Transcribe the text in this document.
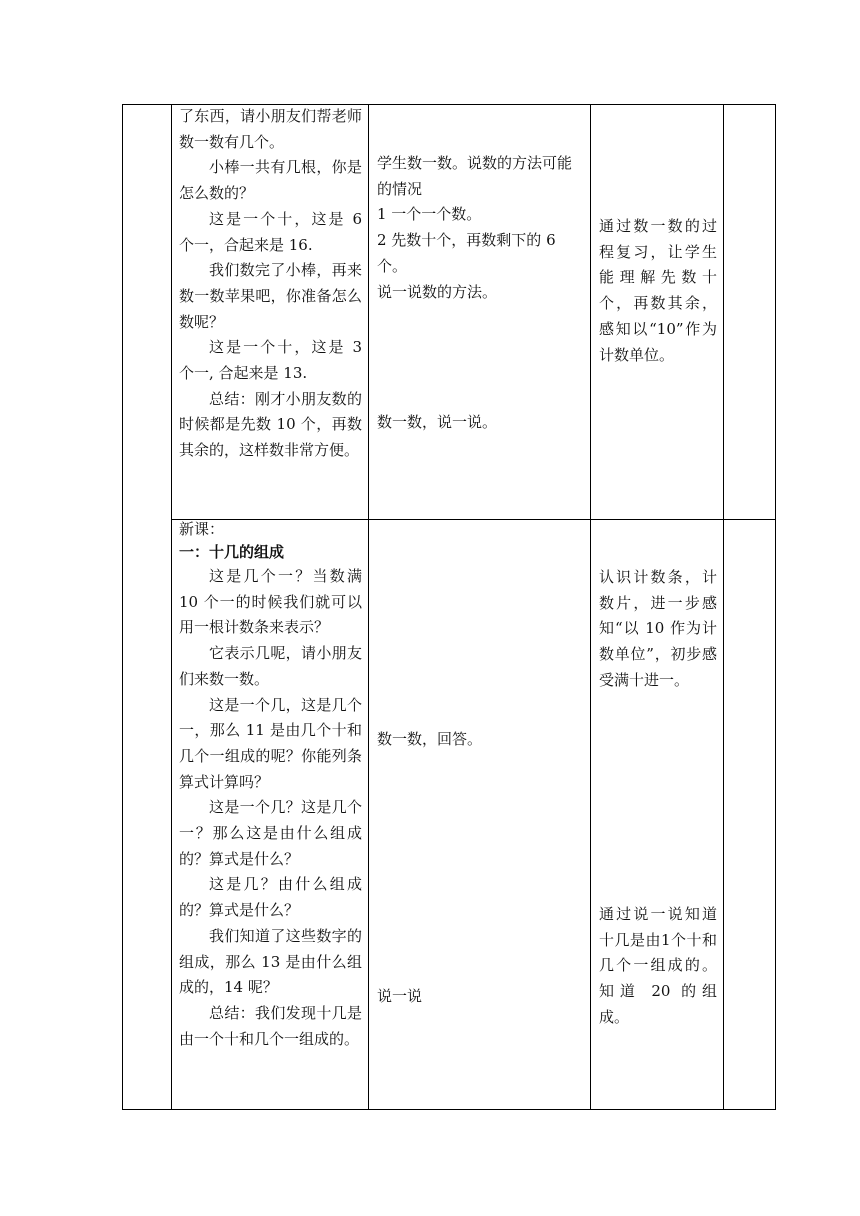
了东西，请小朋友们帮老师数一数有几个。

小棒一共有几根，你是怎么数的？

这是一个十，这是 6 个一，合起来是 16.

我们数完了小棒，再来数一数苹果吧，你准备怎么数呢？

这是一个十，这是 3 个一, 合起来是 13.

总结：刚才小朋友数的时候都是先数 10 个，再数其余的，这样数非常方便。

学生数一数。说数的方法可能的情况

1 一个一个数。

2 先数十个，再数剩下的 6 个。

说一说数的方法。

数一数，说一说。

通过数一数的过程复习，让学生能理解先数十个，再数其余，感知以“10”作为计数单位。

新课：

一：十几的组成

这是几个一？当数满 10 个一的时候我们就可以用一根计数条来表示？

它表示几呢，请小朋友们来数一数。

这是一个几，这是几个一，那么 11 是由几个十和几个一组成的呢？你能列条算式计算吗？

这是一个几？这是几个一？那么这是由什么组成的？算式是什么？

这是几？由什么组成的？算式是什么？

我们知道了这些数字的组成，那么 13 是由什么组成的，14 呢？

总结：我们发现十几是由一个十和几个一组成的。

数一数，回答。

说一说

认识计数条，计数片，进一步感知“以 10 作为计数单位”，初步感受满十进一。

通过说一说知道十几是由1个十和几个一组成的。知道 20 的组成。
